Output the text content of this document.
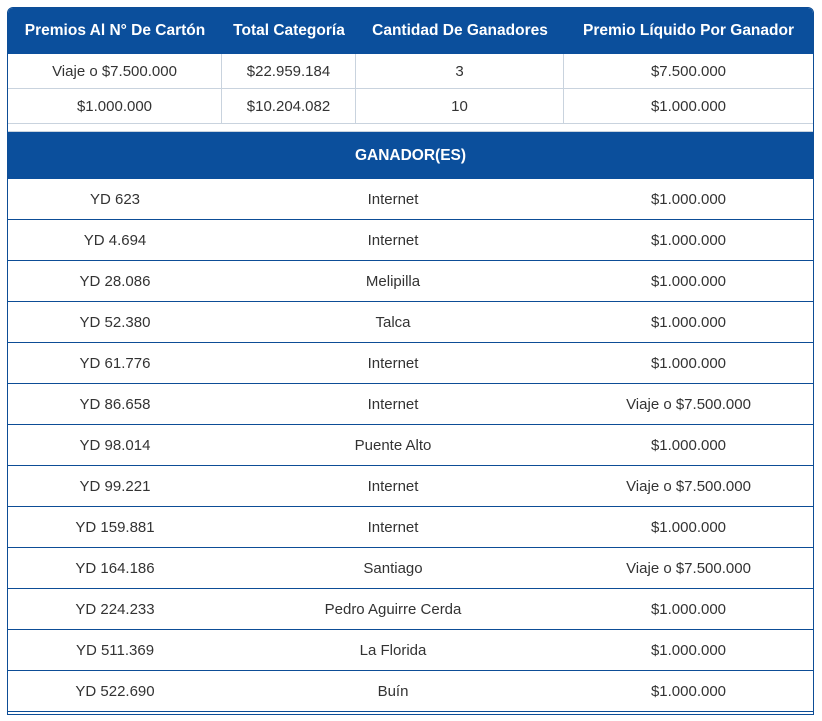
Premios Al N° De Cartón	Total Categoría	Cantidad De Ganadores	Premio Líquido Por Ganador
Viaje o $7.500.000	$22.959.184	3	$7.500.000
$1.000.000	$10.204.082	10	$1.000.000
GANADOR(ES)
YD 623	Internet	$1.000.000
YD 4.694	Internet	$1.000.000
YD 28.086	Melipilla	$1.000.000
YD 52.380	Talca	$1.000.000
YD 61.776	Internet	$1.000.000
YD 86.658	Internet	Viaje o $7.500.000
YD 98.014	Puente Alto	$1.000.000
YD 99.221	Internet	Viaje o $7.500.000
YD 159.881	Internet	$1.000.000
YD 164.186	Santiago	Viaje o $7.500.000
YD 224.233	Pedro Aguirre Cerda	$1.000.000
YD 511.369	La Florida	$1.000.000
YD 522.690	Buín	$1.000.000
